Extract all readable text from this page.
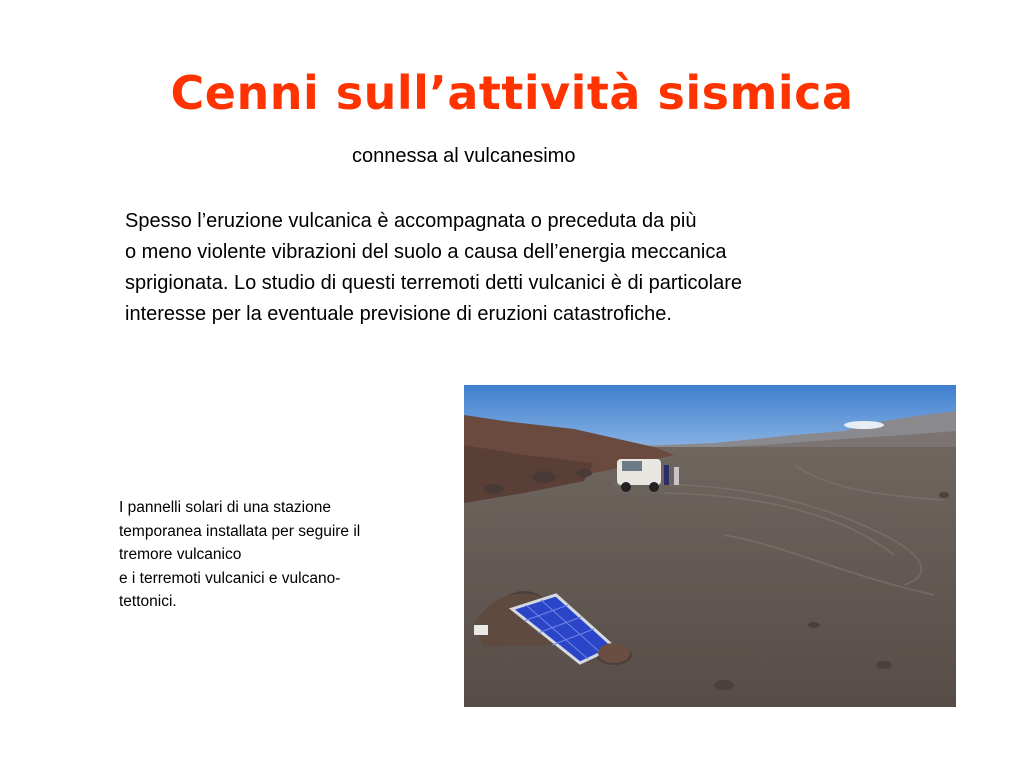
Cenni sull’attività sismica

connessa al vulcanesimo

Spesso l’eruzione vulcanica è accompagnata o preceduta da più
o meno violente vibrazioni del suolo a causa dell’energia meccanica
sprigionata. Lo studio di questi terremoti detti vulcanici è di particolare
interesse per la eventuale previsione di eruzioni catastrofiche.
I pannelli solari di una stazione
temporanea installata per seguire il
tremore vulcanico
e i terremoti vulcanici e vulcano-
tettonici.
